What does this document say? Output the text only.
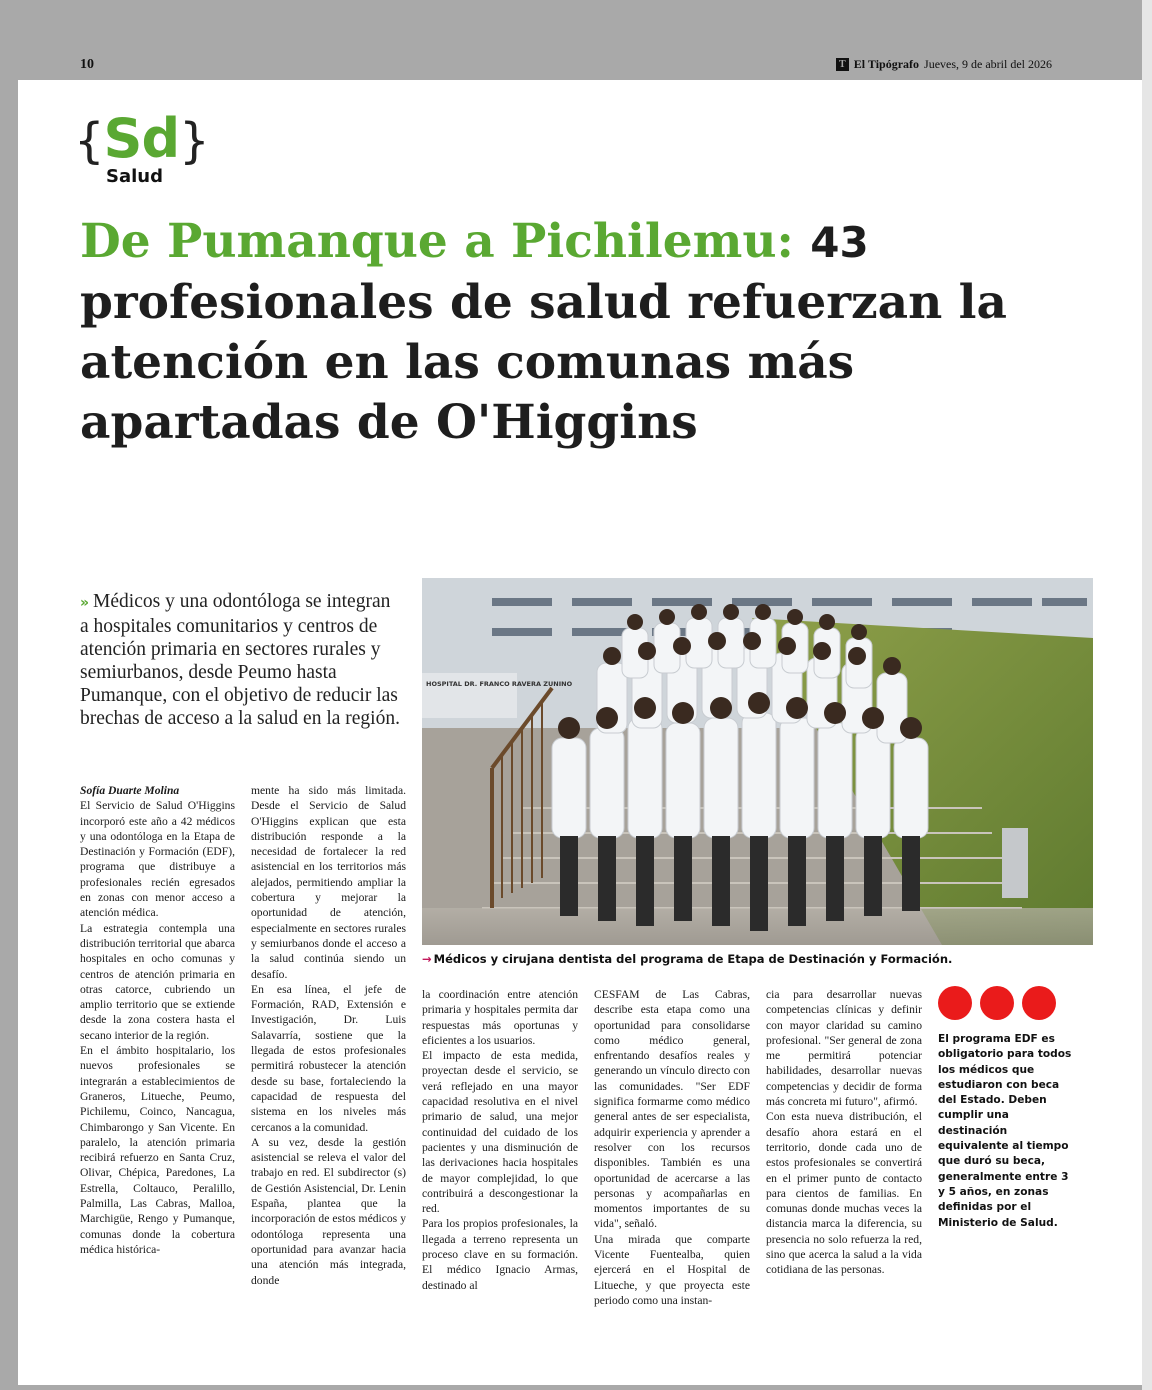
10	T El Tipógrafo Jueves, 9 de abril del 2026
{Sd}
Salud
De Pumanque a Pichilemu: 43 profesionales de salud refuerzan la atención en las comunas más apartadas de O'Higgins
» Médicos y una odontóloga se integran a hospitales comunitarios y centros de atención primaria en sectores rurales y semiurbanos, desde Peumo hasta Pumanque, con el objetivo de reducir las brechas de acceso a la salud en la región.
HOSPITAL DR. FRANCO RAVERA ZUNINO
→ Médicos y cirujana dentista del programa de Etapa de Destinación y Formación.

Sofía Duarte Molina

El Servicio de Salud O'Higgins incorporó este año a 42 médicos y una odontóloga en la Etapa de Destinación y Formación (EDF), programa que distribuye a profesionales recién egresados en zonas con menor acceso a atención médica.

La estrategia contempla una distribución territorial que abarca hospitales en ocho comunas y centros de atención primaria en otras catorce, cubriendo un amplio territorio que se extiende desde la zona costera hasta el secano interior de la región.

En el ámbito hospitalario, los nuevos profesionales se integrarán a establecimientos de Graneros, Litueche, Peumo, Pichilemu, Coinco, Nancagua, Chimbarongo y San Vicente. En paralelo, la atención primaria recibirá refuerzo en Santa Cruz, Olivar, Chépica, Paredones, La Estrella, Coltauco, Peralillo, Palmilla, Las Cabras, Malloa, Marchigüe, Rengo y Pumanque, comunas donde la cobertura médica histórica-

mente ha sido más limitada. Desde el Servicio de Salud O'Higgins explican que esta distribución responde a la necesidad de fortalecer la red asistencial en los territorios más alejados, permitiendo ampliar la cobertura y mejorar la oportunidad de atención, especialmente en sectores rurales y semiurbanos donde el acceso a la salud continúa siendo un desafío.

En esa línea, el jefe de Formación, RAD, Extensión e Investigación, Dr. Luis Salavarría, sostiene que la llegada de estos profesionales permitirá robustecer la atención desde su base, fortaleciendo la capacidad de respuesta del sistema en los niveles más cercanos a la comunidad.

A su vez, desde la gestión asistencial se releva el valor del trabajo en red. El subdirector (s) de Gestión Asistencial, Dr. Lenin España, plantea que la incorporación de estos médicos y odontóloga representa una oportunidad para avanzar hacia una atención más integrada, donde

la coordinación entre atención primaria y hospitales permita dar respuestas más oportunas y eficientes a los usuarios.

El impacto de esta medida, proyectan desde el servicio, se verá reflejado en una mayor capacidad resolutiva en el nivel primario de salud, una mejor continuidad del cuidado de los pacientes y una disminución de las derivaciones hacia hospitales de mayor complejidad, lo que contribuirá a descongestionar la red.

Para los propios profesionales, la llegada a terreno representa un proceso clave en su formación. El médico Ignacio Armas, destinado al

CESFAM de Las Cabras, describe esta etapa como una oportunidad para consolidarse como médico general, enfrentando desafíos reales y generando un vínculo directo con las comunidades. "Ser EDF significa formarme como médico general antes de ser especialista, adquirir experiencia y aprender a resolver con los recursos disponibles. También es una oportunidad de acercarse a las personas y acompañarlas en momentos importantes de su vida", señaló.

Una mirada que comparte Vicente Fuentealba, quien ejercerá en el Hospital de Litueche, y que proyecta este periodo como una instan-

cia para desarrollar nuevas competencias clínicas y definir con mayor claridad su camino profesional. "Ser general de zona me permitirá potenciar habilidades, desarrollar nuevas competencias y decidir de forma más concreta mi futuro", afirmó.

Con esta nueva distribución, el desafío ahora estará en el territorio, donde cada uno de estos profesionales se convertirá en el primer punto de contacto para cientos de familias. En comunas donde muchas veces la distancia marca la diferencia, su presencia no solo refuerza la red, sino que acerca la salud a la vida cotidiana de las personas.

El programa EDF es obligatorio para todos los médicos que estudiaron con beca del Estado. Deben cumplir una destinación equivalente al tiempo que duró su beca, generalmente entre 3 y 5 años, en zonas definidas por el Ministerio de Salud.
